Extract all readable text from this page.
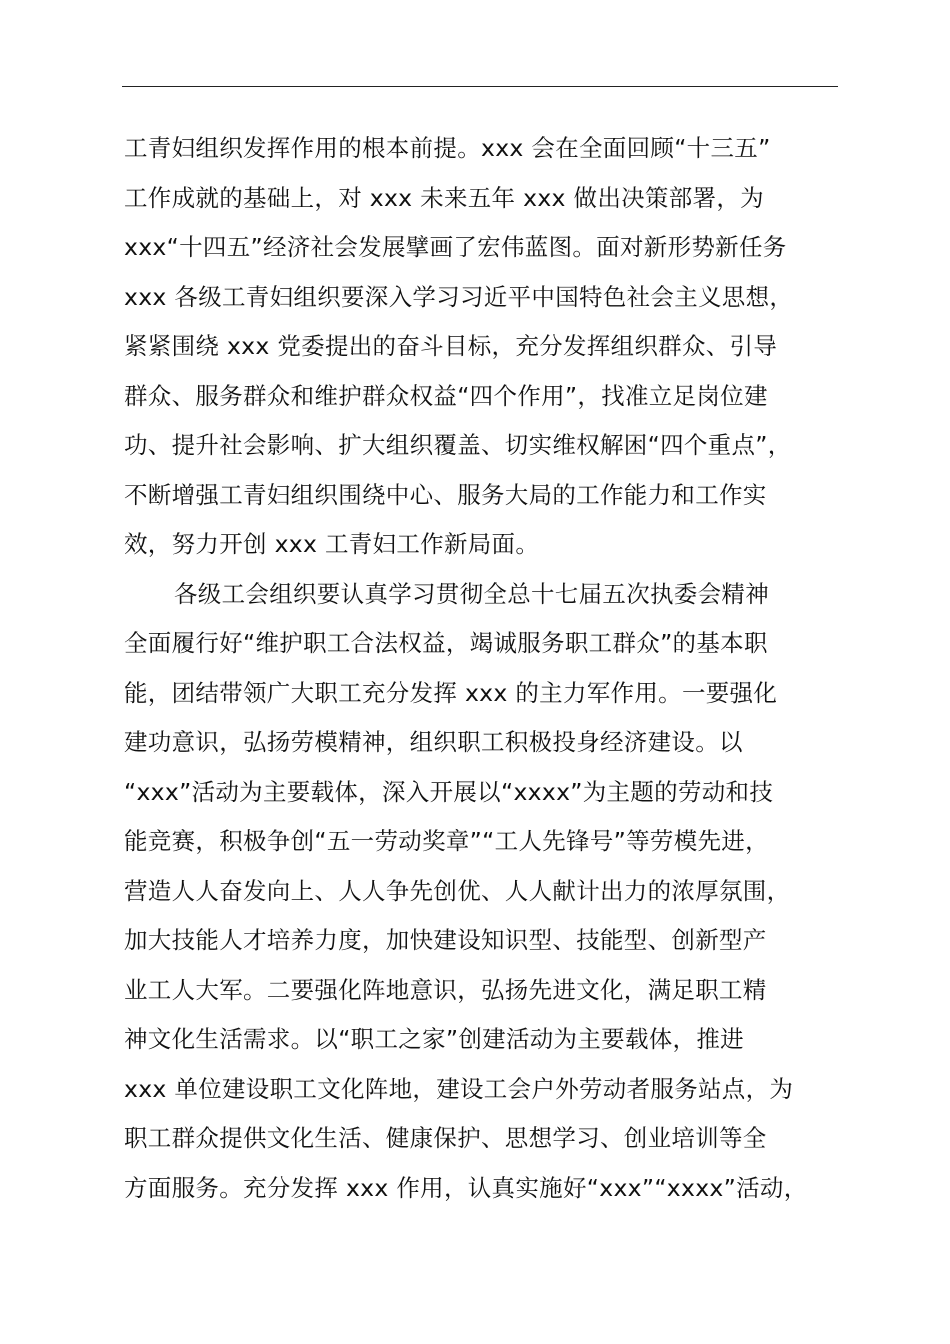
工青妇组织发挥作用的根本前提。xxx 会在全面回顾“十三五”
工作成就的基础上，对 xxx 未来五年 xxx 做出决策部署，为
xxx“十四五”经济社会发展擘画了宏伟蓝图。面对新形势新任务
xxx 各级工青妇组织要深入学习习近平中国特色社会主义思想，
紧紧围绕 xxx 党委提出的奋斗目标，充分发挥组织群众、引导
群众、服务群众和维护群众权益“四个作用”，找准立足岗位建
功、提升社会影响、扩大组织覆盖、切实维权解困“四个重点”，
不断增强工青妇组织围绕中心、服务大局的工作能力和工作实
效，努力开创 xxx 工青妇工作新局面。
各级工会组织要认真学习贯彻全总十七届五次执委会精神
全面履行好“维护职工合法权益，竭诚服务职工群众”的基本职
能，团结带领广大职工充分发挥 xxx 的主力军作用。一要强化
建功意识，弘扬劳模精神，组织职工积极投身经济建设。以
“xxx”活动为主要载体，深入开展以“xxxx”为主题的劳动和技
能竞赛，积极争创“五一劳动奖章”“工人先锋号”等劳模先进，
营造人人奋发向上、人人争先创优、人人献计出力的浓厚氛围，
加大技能人才培养力度，加快建设知识型、技能型、创新型产
业工人大军。二要强化阵地意识，弘扬先进文化，满足职工精
神文化生活需求。以“职工之家”创建活动为主要载体，推进
xxx 单位建设职工文化阵地，建设工会户外劳动者服务站点，为
职工群众提供文化生活、健康保护、思想学习、创业培训等全
方面服务。充分发挥 xxx 作用，认真实施好“xxx”“xxxx”活动，
